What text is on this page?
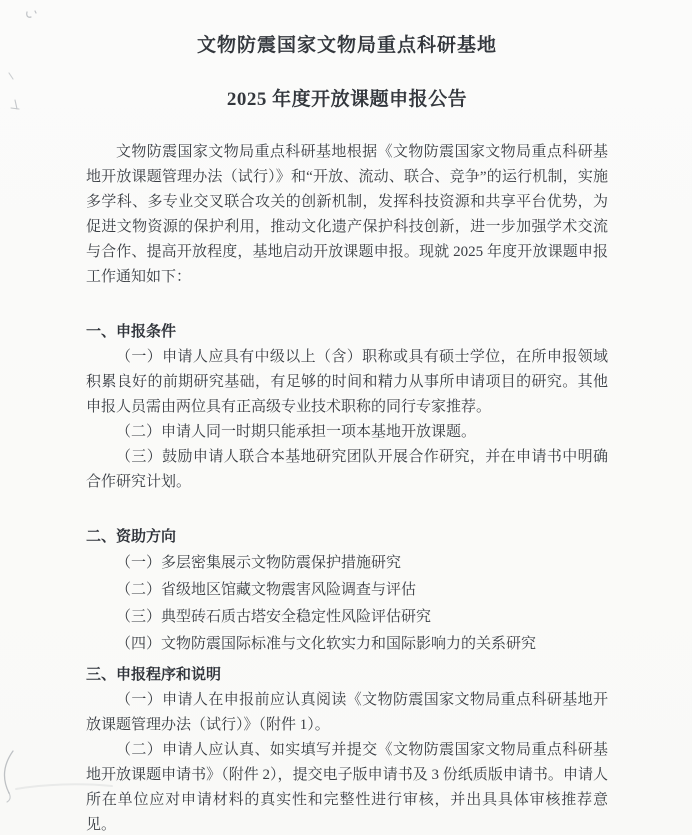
文物防震国家文物局重点科研基地
2025 年度开放课题申报公告

文物防震国家文物局重点科研基地根据《文物防震国家文物局重点科研基地开放课题管理办法（试行）》和“开放、流动、联合、竞争”的运行机制，实施多学科、多专业交叉联合攻关的创新机制，发挥科技资源和共享平台优势，为促进文物资源的保护利用，推动文化遗产保护科技创新，进一步加强学术交流与合作、提高开放程度，基地启动开放课题申报。现就 2025 年度开放课题申报工作通知如下：

一、申报条件

（一）申请人应具有中级以上（含）职称或具有硕士学位，在所申报领域积累良好的前期研究基础，有足够的时间和精力从事所申请项目的研究。其他申报人员需由两位具有正高级专业技术职称的同行专家推荐。

（二）申请人同一时期只能承担一项本基地开放课题。

（三）鼓励申请人联合本基地研究团队开展合作研究，并在申请书中明确合作研究计划。

二、资助方向

（一）多层密集展示文物防震保护措施研究

（二）省级地区馆藏文物震害风险调查与评估

（三）典型砖石质古塔安全稳定性风险评估研究

（四）文物防震国际标准与文化软实力和国际影响力的关系研究

三、申报程序和说明

（一）申请人在申报前应认真阅读《文物防震国家文物局重点科研基地开放课题管理办法（试行）》（附件 1）。

（二）申请人应认真、如实填写并提交《文物防震国家文物局重点科研基地开放课题申请书》（附件 2），提交电子版申请书及 3 份纸质版申请书。申请人所在单位应对申请材料的真实性和完整性进行审核，并出具具体审核推荐意见。
